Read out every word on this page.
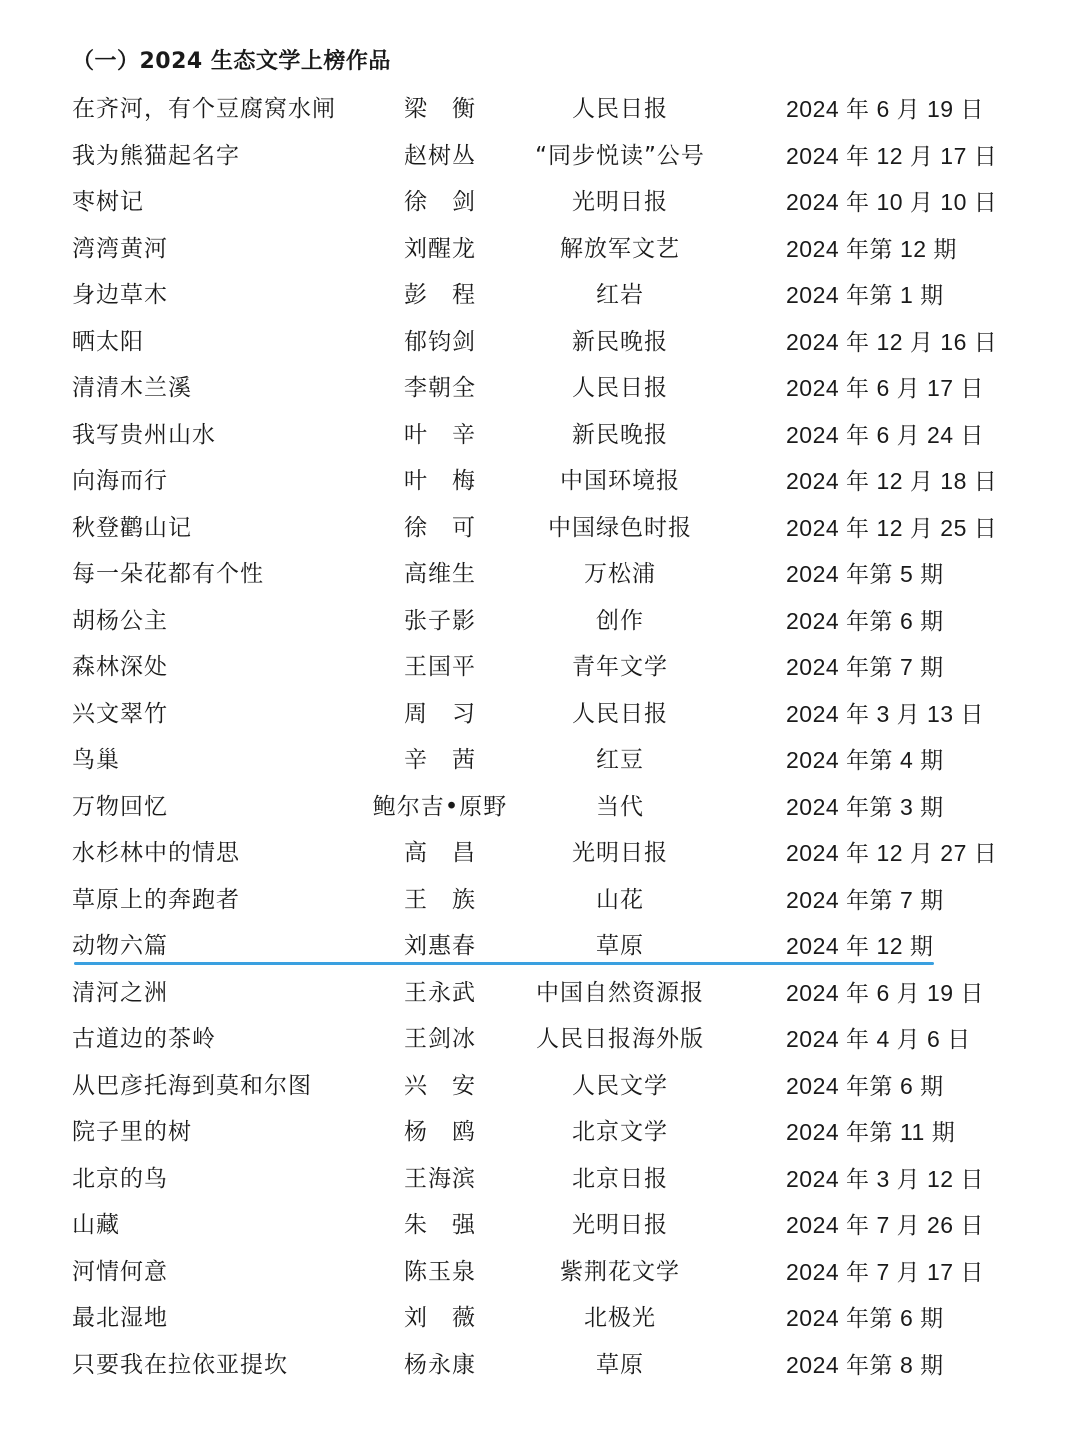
（一）2024 生态文学上榜作品
在齐河，有个豆腐窝水闸	梁　衡	人民日报	2024 年 6 月 19 日
我为熊猫起名字	赵树丛	“同步悦读”公号	2024 年 12 月 17 日
枣树记	徐　剑	光明日报	2024 年 10 月 10 日
湾湾黄河	刘醒龙	解放军文艺	2024 年第 12 期
身边草木	彭　程	红岩	2024 年第 1 期
晒太阳	郁钧剑	新民晚报	2024 年 12 月 16 日
清清木兰溪	李朝全	人民日报	2024 年 6 月 17 日
我写贵州山水	叶　辛	新民晚报	2024 年 6 月 24 日
向海而行	叶　梅	中国环境报	2024 年 12 月 18 日
秋登鹳山记	徐　可	中国绿色时报	2024 年 12 月 25 日
每一朵花都有个性	高维生	万松浦	2024 年第 5 期
胡杨公主	张子影	创作	2024 年第 6 期
森林深处	王国平	青年文学	2024 年第 7 期
兴文翠竹	周　习	人民日报	2024 年 3 月 13 日
鸟巢	辛　茜	红豆	2024 年第 4 期
万物回忆	鲍尔吉•原野	当代	2024 年第 3 期
水杉林中的情思	高　昌	光明日报	2024 年 12 月 27 日
草原上的奔跑者	王　族	山花	2024 年第 7 期
动物六篇	刘惠春	草原	2024 年 12 期
清河之洲	王永武	中国自然资源报	2024 年 6 月 19 日
古道边的茶岭	王剑冰	人民日报海外版	2024 年 4 月 6 日
从巴彦托海到莫和尔图	兴　安	人民文学	2024 年第 6 期
院子里的树	杨　鸥	北京文学	2024 年第 11 期
北京的鸟	王海滨	北京日报	2024 年 3 月 12 日
山藏	朱　强	光明日报	2024 年 7 月 26 日
河情何意	陈玉泉	紫荆花文学	2024 年 7 月 17 日
最北湿地	刘　薇	北极光	2024 年第 6 期
只要我在拉依亚提坎	杨永康	草原	2024 年第 8 期
